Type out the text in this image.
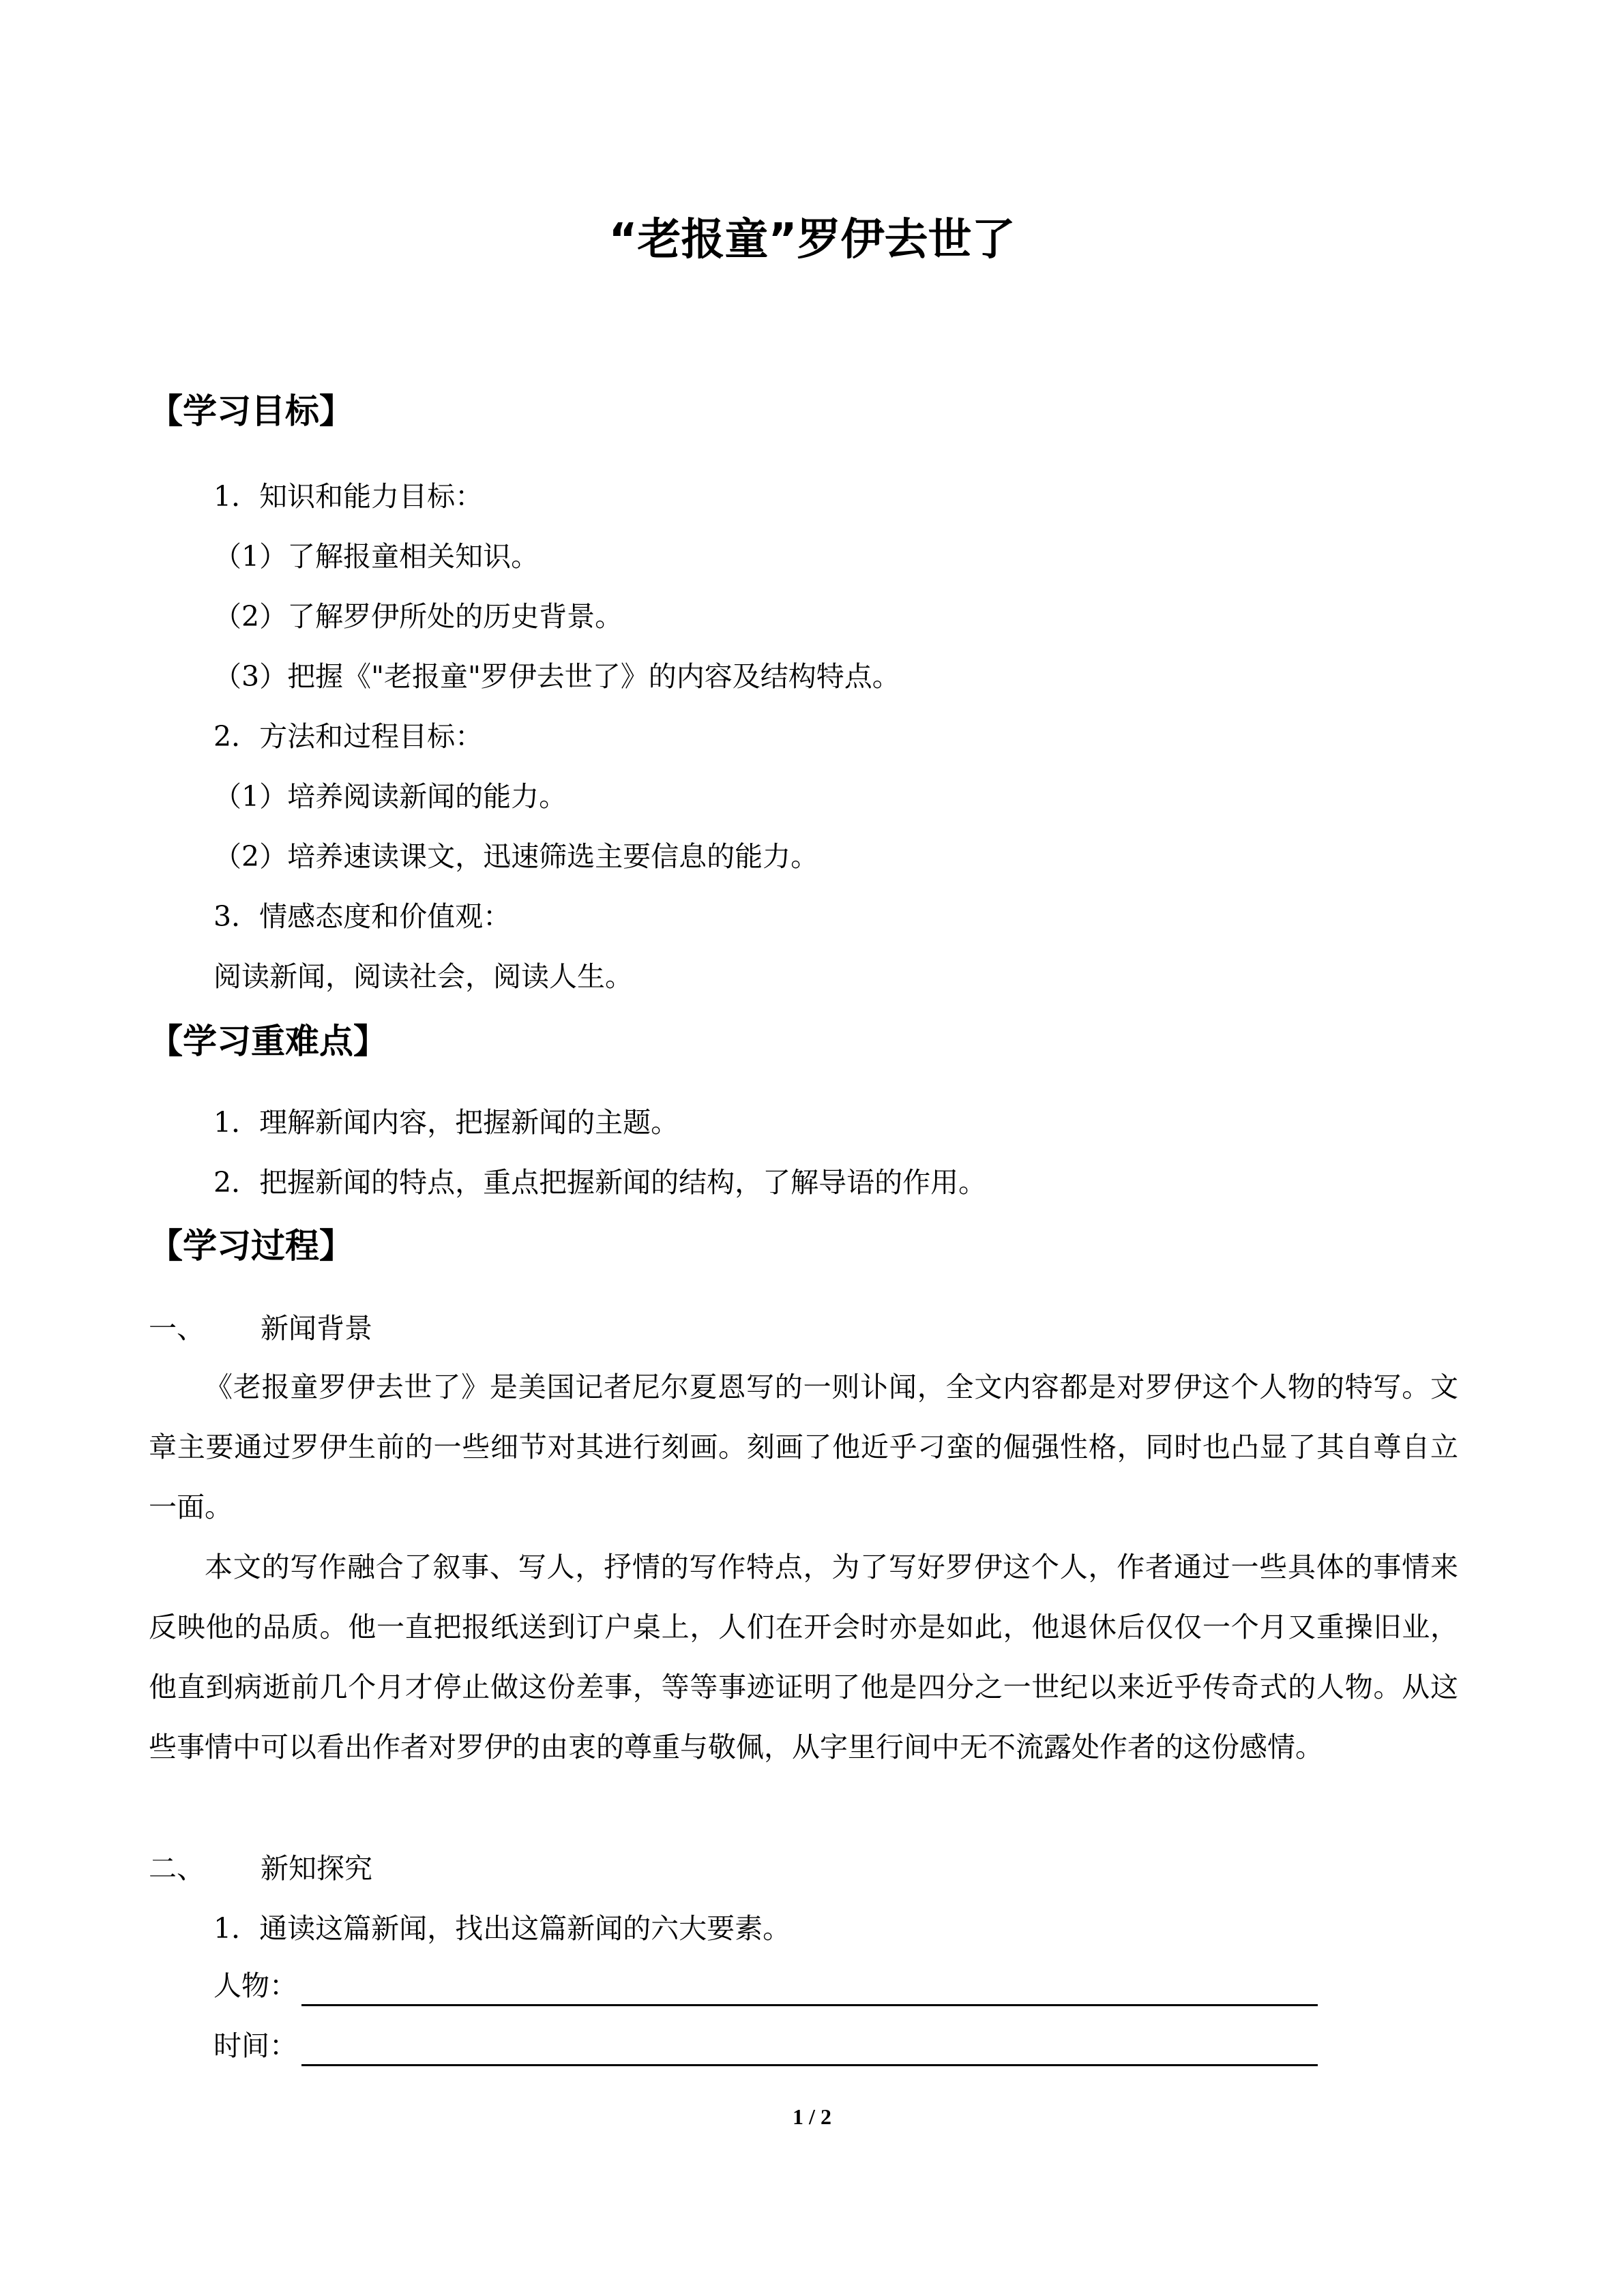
“老报童”罗伊去世了
【学习目标】
1．知识和能力目标：
（1）了解报童相关知识。
（2）了解罗伊所处的历史背景。
（3）把握《"老报童"罗伊去世了》的内容及结构特点。
2．方法和过程目标：
（1）培养阅读新闻的能力。
（2）培养速读课文，迅速筛选主要信息的能力。
3．情感态度和价值观：
阅读新闻，阅读社会，阅读人生。
【学习重难点】
1．理解新闻内容，把握新闻的主题。
2．把握新闻的特点，重点把握新闻的结构，了解导语的作用。
【学习过程】
一、 新闻背景

《老报童罗伊去世了》是美国记者尼尔夏恩写的一则讣闻，全文内容都是对罗伊这个人物的特写。文章主要通过罗伊生前的一些细节对其进行刻画。刻画了他近乎刁蛮的倔强性格，同时也凸显了其自尊自立一面。

本文的写作融合了叙事、写人，抒情的写作特点，为了写好罗伊这个人，作者通过一些具体的事情来反映他的品质。他一直把报纸送到订户桌上，人们在开会时亦是如此，他退休后仅仅一个月又重操旧业，他直到病逝前几个月才停止做这份差事，等等事迹证明了他是四分之一世纪以来近乎传奇式的人物。从这些事情中可以看出作者对罗伊的由衷的尊重与敬佩，从字里行间中无不流露处作者的这份感情。

二、 新知探究
1．通读这篇新闻，找出这篇新闻的六大要素。
人物：
时间：
1 / 2
